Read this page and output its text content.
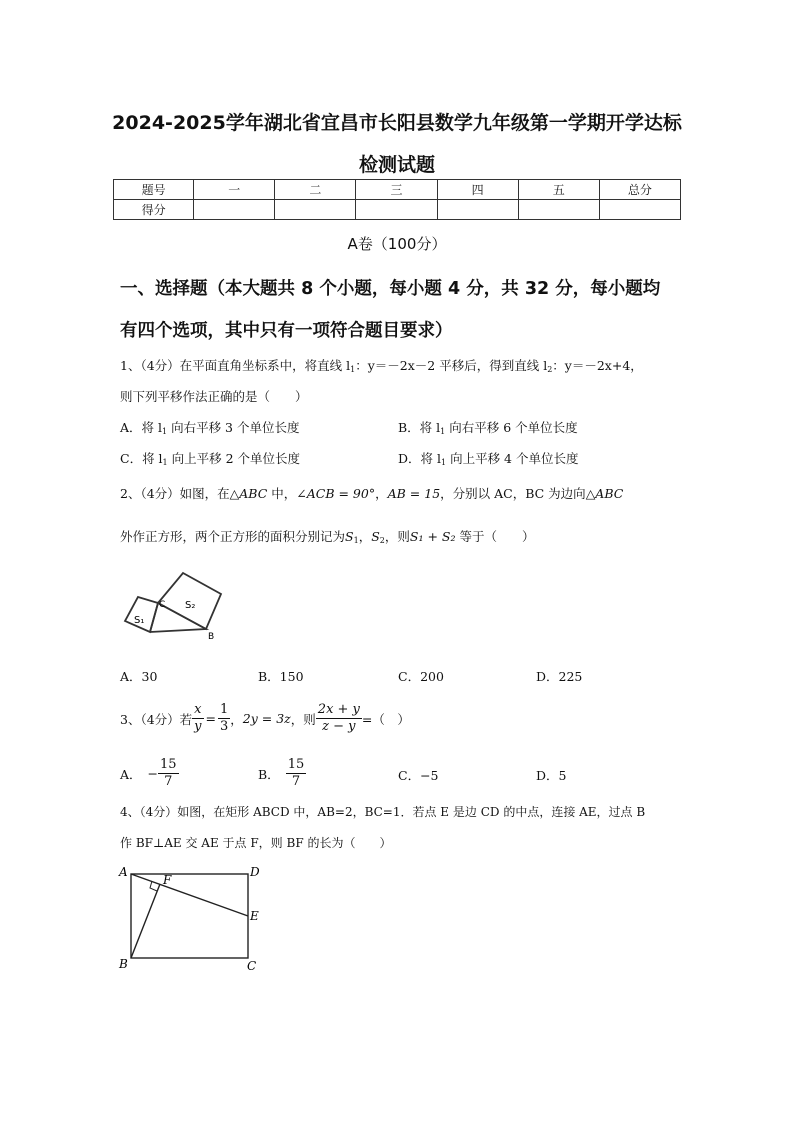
2024-2025学年湖北省宜昌市长阳县数学九年级第一学期开学达标
检测试题
题号	一	二	三	四	五	总分
得分						
A卷（100分）
一、选择题（本大题共 8 个小题，每小题 4 分，共 32 分，每小题均
有四个选项，其中只有一项符合题目要求）
1、（4分）在平面直角坐标系中，将直线 $l_1$：y＝－2x－2 平移后，得到直线 $l_2$：y＝－2x+4，
则下列平移作法正确的是（　　）
A．将 $l_1$ 向右平移 3 个单位长度	B．将 $l_1$ 向右平移 6 个单位长度
C．将 $l_1$ 向上平移 2 个单位长度	D．将 $l_1$ 向上平移 4 个单位长度
2、（4分）如图，在△ABC 中，∠ACB = 90°，AB = 15，分别以 AC，BC 为边向△ABC
外作正方形，两个正方形的面积分别记为$S_1$，$S_2$，则S₁ + S₂ 等于（　　）
C
S₁
S₂
B
A．30	B．150	C．200	D．225
3、（4分）若 $\frac{x}{y} = \frac{1}{3}$ ， 2y = 3z ，则 $\frac{2x + y}{z - y}$ =（　）
A． − $\frac{15}{7}$	B． $\frac{15}{7}$	C．−5	D．5
4、（4分）如图，在矩形 ABCD 中，AB=2，BC=1．若点 E 是边 CD 的中点，连接 AE，过点 B
作 BF⊥AE 交 AE 于点 F，则 BF 的长为（　　）
A	D
F
E
B	C
